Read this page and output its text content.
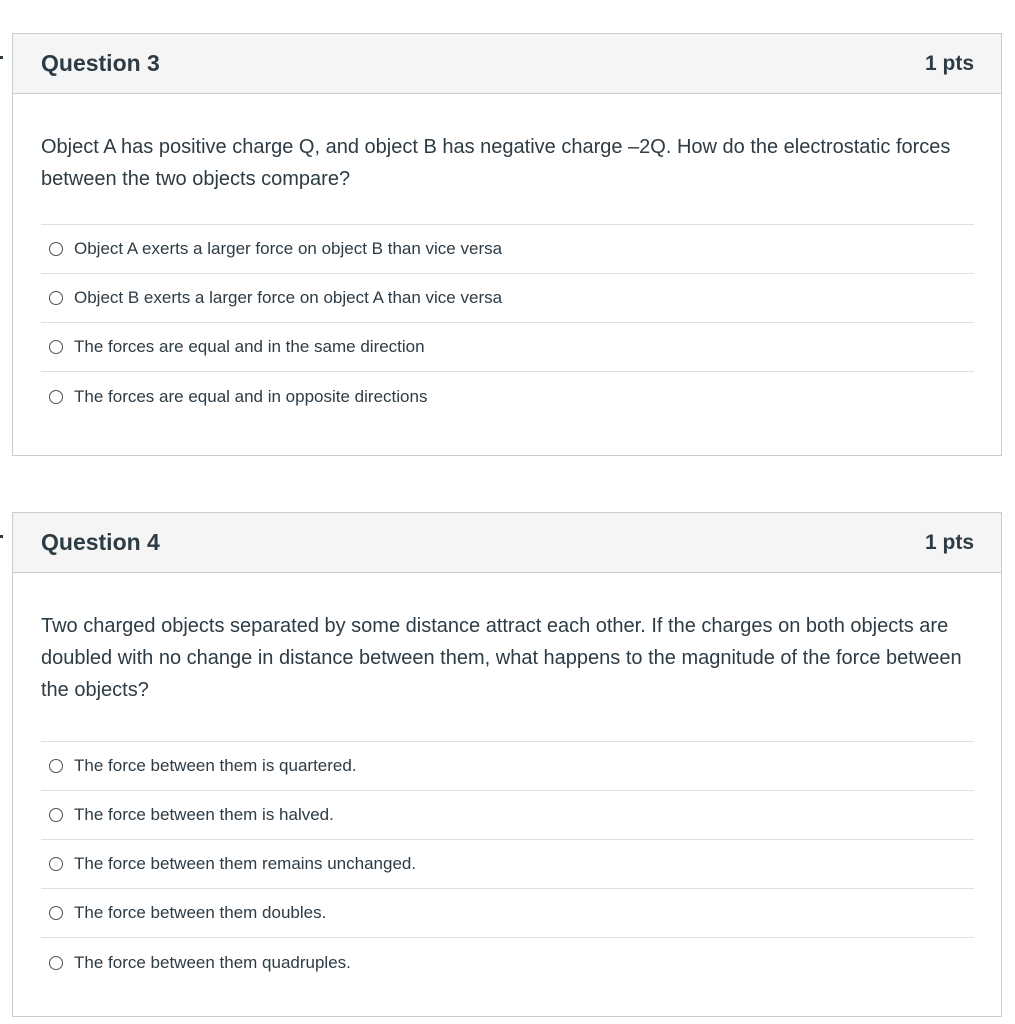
Question 3	1 pts
Object A has positive charge Q, and object B has negative charge –2Q. How do the electrostatic forces between the two objects compare?
Object A exerts a larger force on object B than vice versa
Object B exerts a larger force on object A than vice versa
The forces are equal and in the same direction
The forces are equal and in opposite directions
Question 4	1 pts
Two charged objects separated by some distance attract each other. If the charges on both objects are doubled with no change in distance between them, what happens to the magnitude of the force between the objects?
The force between them is quartered.
The force between them is halved.
The force between them remains unchanged.
The force between them doubles.
The force between them quadruples.
